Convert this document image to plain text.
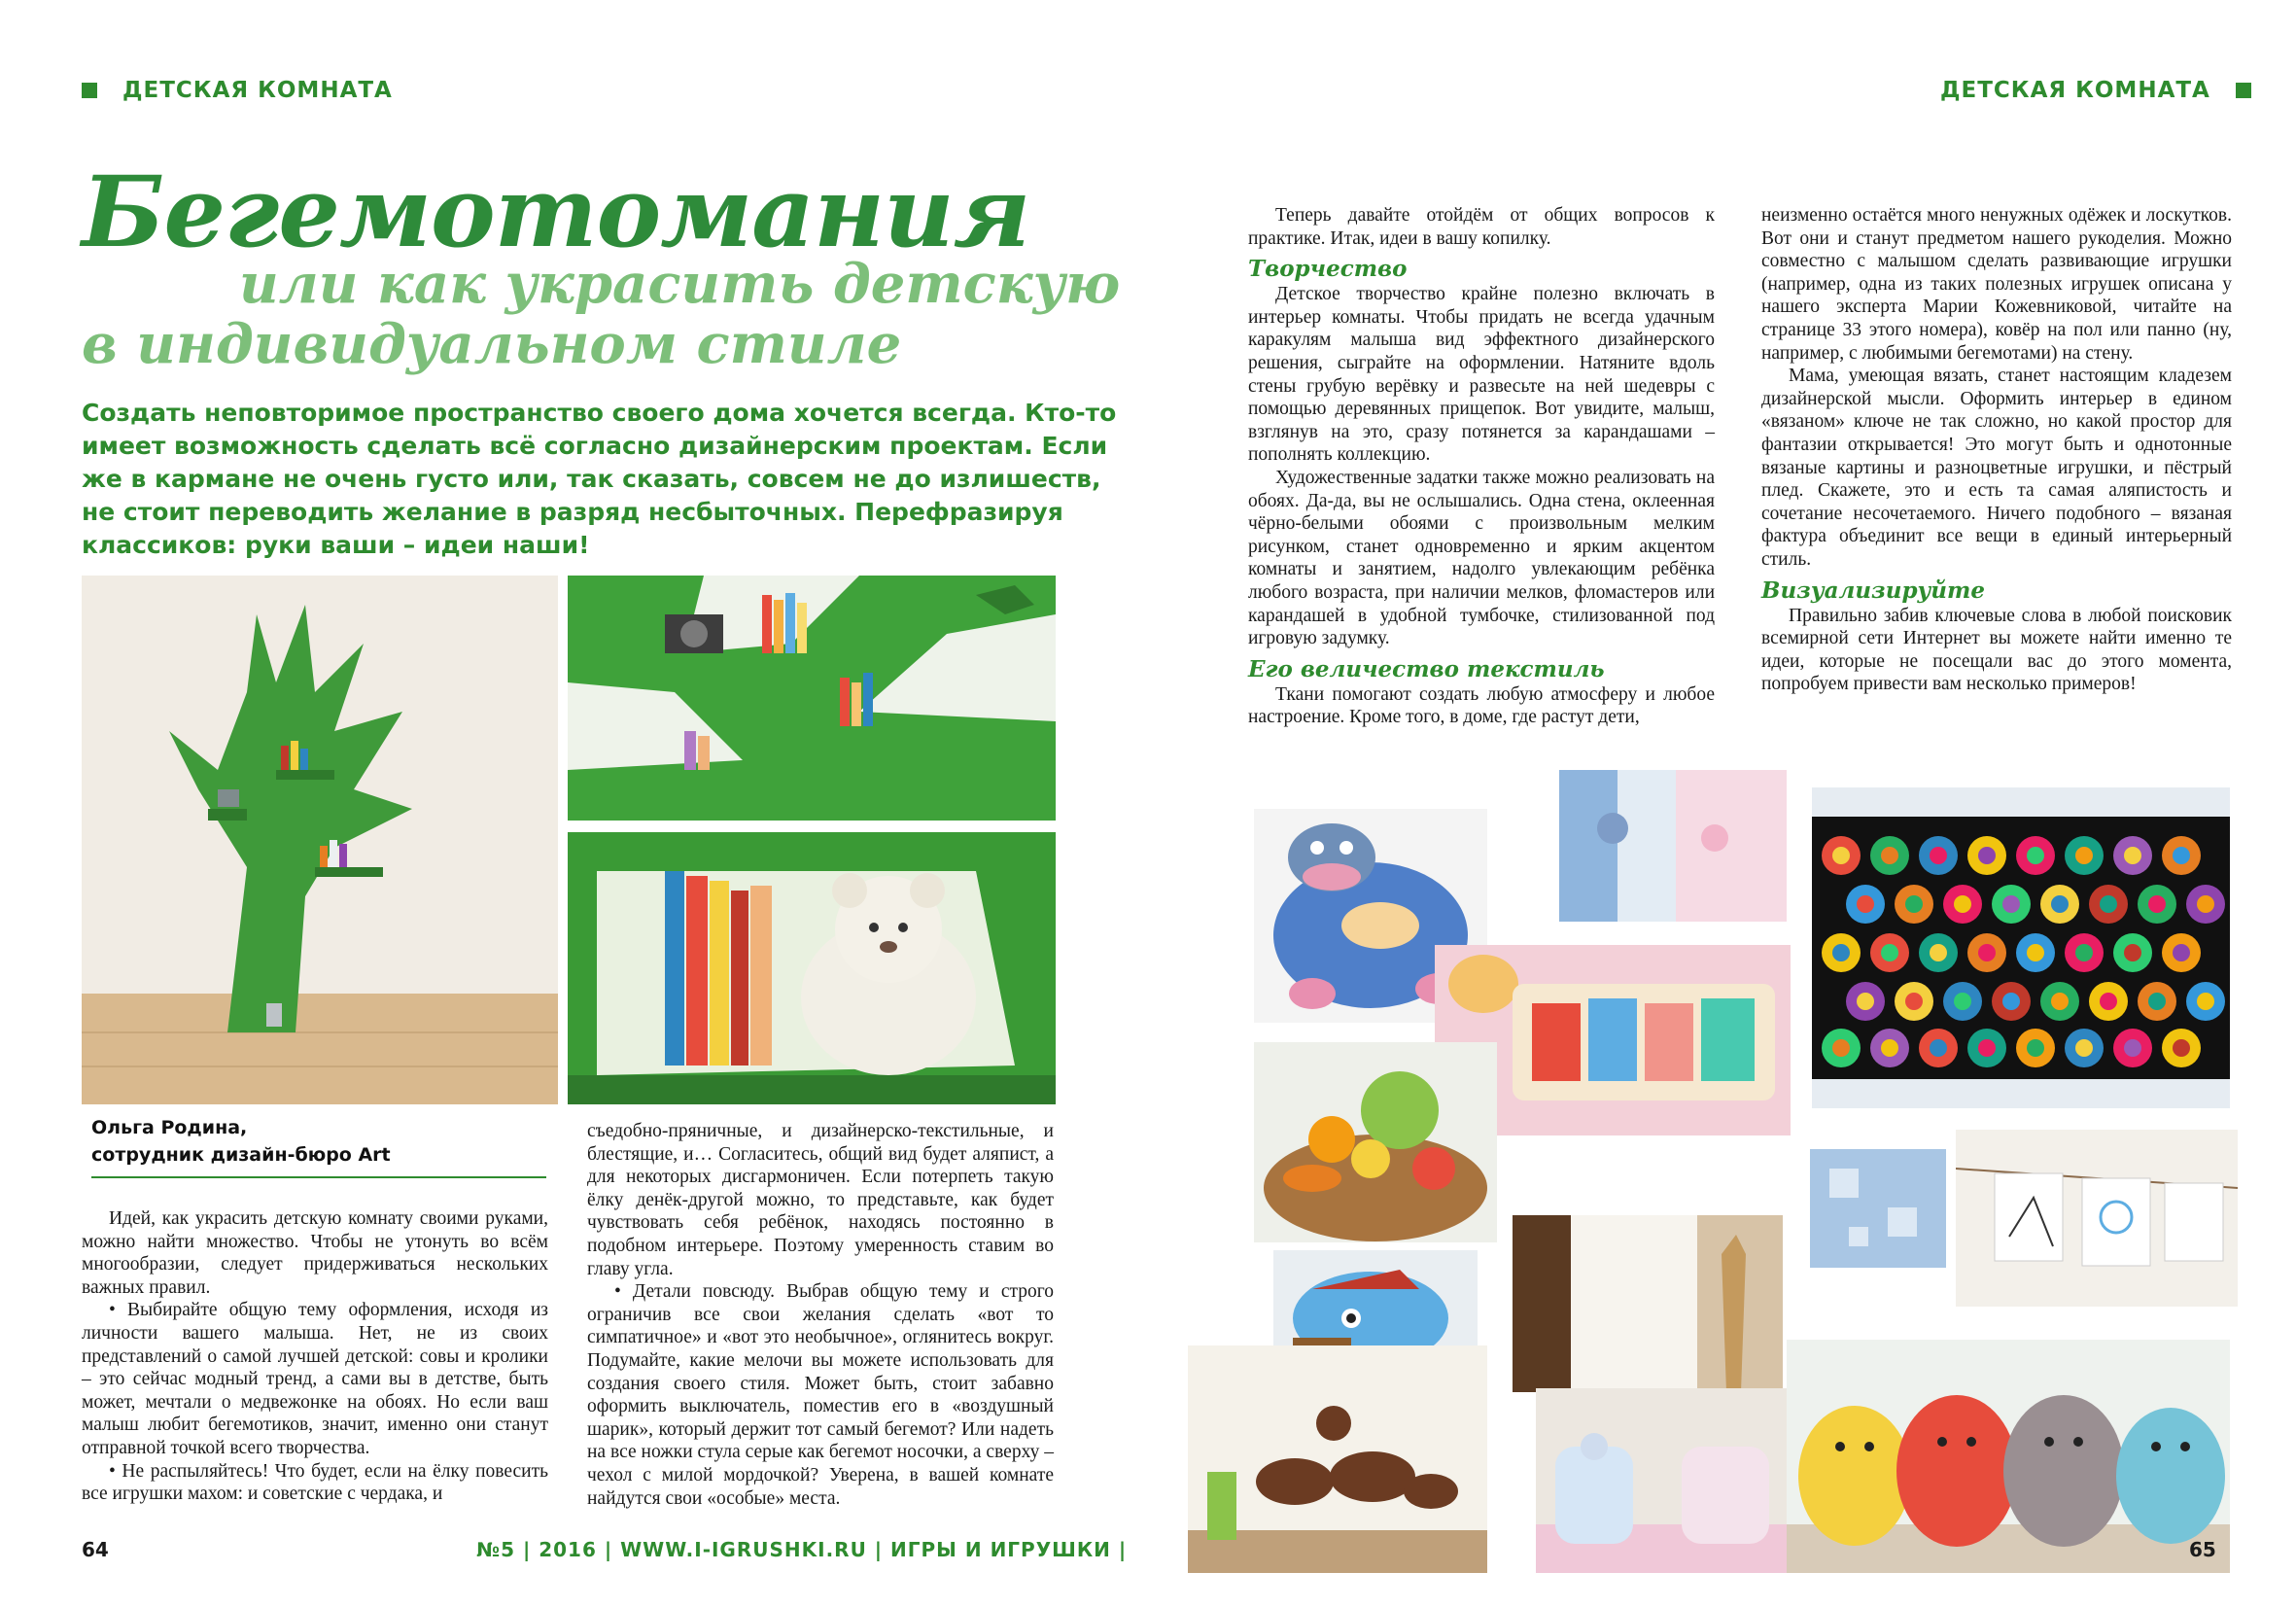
ДЕТСКАЯ КОМНАТА	ДЕТСКАЯ КОМНАТА
Бегемотомания
или как украсить детскую
в индивидуальном стиле
Создать неповторимое пространство своего дома хочется всегда. Кто-то
имеет возможность сделать всё согласно дизайнерским проектам. Если
же в кармане не очень густо или, так сказать, совсем не до излишеств,
не стоит переводить желание в разряд несбыточных. Перефразируя
классиков: руки ваши – идеи наши!
Ольга Родина,
сотрудник дизайн-бюро Art

Идей, как украсить детскую комнату своими руками, можно найти множество. Чтобы не утонуть во всём многообразии, следует придерживаться нескольких важных правил.

• Выбирайте общую тему оформления, исходя из личности вашего малыша. Нет, не из своих представлений о самой лучшей детской: совы и кролики – это сейчас модный тренд, а сами вы в детстве, быть может, мечтали о медвежонке на обоях. Но если ваш малыш любит бегемотиков, значит, именно они станут отправной точкой всего творчества.

• Не распыляйтесь! Что будет, если на ёлку повесить все игрушки махом: и советские с чердака, и

съедобно-пряничные, и дизайнерско-текстильные, и блестящие, и… Согласитесь, общий вид будет аляпист, а для некоторых дисгармоничен. Если потерпеть такую ёлку денёк-другой можно, то представьте, как будет чувствовать себя ребёнок, находясь постоянно в подобном интерьере. Поэтому умеренность ставим во главу угла.

• Детали повсюду. Выбрав общую тему и строго ограничив все свои желания сделать «вот то симпатичное» и «вот это необычное», оглянитесь вокруг. Подумайте, какие мелочи вы можете использовать для создания своего стиля. Может быть, стоит забавно оформить выключатель, поместив его в «воздушный шарик», который держит тот самый бегемот? Или надеть на все ножки стула серые как бегемот носочки, а сверху – чехол с милой мордочкой? Уверена, в вашей комнате найдутся свои «особые» места.

Теперь давайте отойдём от общих вопросов к практике. Итак, идеи в вашу копилку.

Творчество

Детское творчество крайне полезно включать в интерьер комнаты. Чтобы придать не всегда удачным каракулям малыша вид эффектного дизайнерского решения, сыграйте на оформлении. Натяните вдоль стены грубую верёвку и развесьте на ней шедевры с помощью деревянных прищепок. Вот увидите, малыш, взглянув на это, сразу потянется за карандашами – пополнять коллекцию.

Художественные задатки также можно реализовать на обоях. Да-да, вы не ослышались. Одна стена, оклеенная чёрно-белыми обоями с произвольным мелким рисунком, станет одновременно и ярким акцентом комнаты и занятием, надолго увлекающим ребёнка любого возраста, при наличии мелков, фломастеров или карандашей в удобной тумбочке, стилизованной под игровую задумку.

Его величество текстиль

Ткани помогают создать любую атмосферу и любое настроение. Кроме того, в доме, где растут дети,

неизменно остаётся много ненужных одёжек и лоскутков. Вот они и станут предметом нашего рукоделия. Можно совместно с малышом сделать развивающие игрушки (например, одна из таких полезных игрушек описана у нашего эксперта Марии Кожевниковой, читайте на странице 33 этого номера), ковёр на пол или панно (ну, например, с любимыми бегемотами) на стену.

Мама, умеющая вязать, станет настоящим кладезем дизайнерской мысли. Оформить интерьер в едином «вязаном» ключе не так сложно, но какой простор для фантазии открывается! Это могут быть и однотонные вязаные картины и разноцветные игрушки, и пёстрый плед. Скажете, это и есть та самая аляпистость и сочетание несочетаемого. Ничего подобного – вязаная фактура объединит все вещи в единый интерьерный стиль.

Визуализируйте

Правильно забив ключевые слова в любой поисковик всемирной сети Интернет вы можете найти именно те идеи, которые не посещали вас до этого момента, попробуем привести вам несколько примеров!

64	№5 | 2016 | WWW.I-IGRUSHKI.RU | ИГРЫ И ИГРУШКИ |	65
